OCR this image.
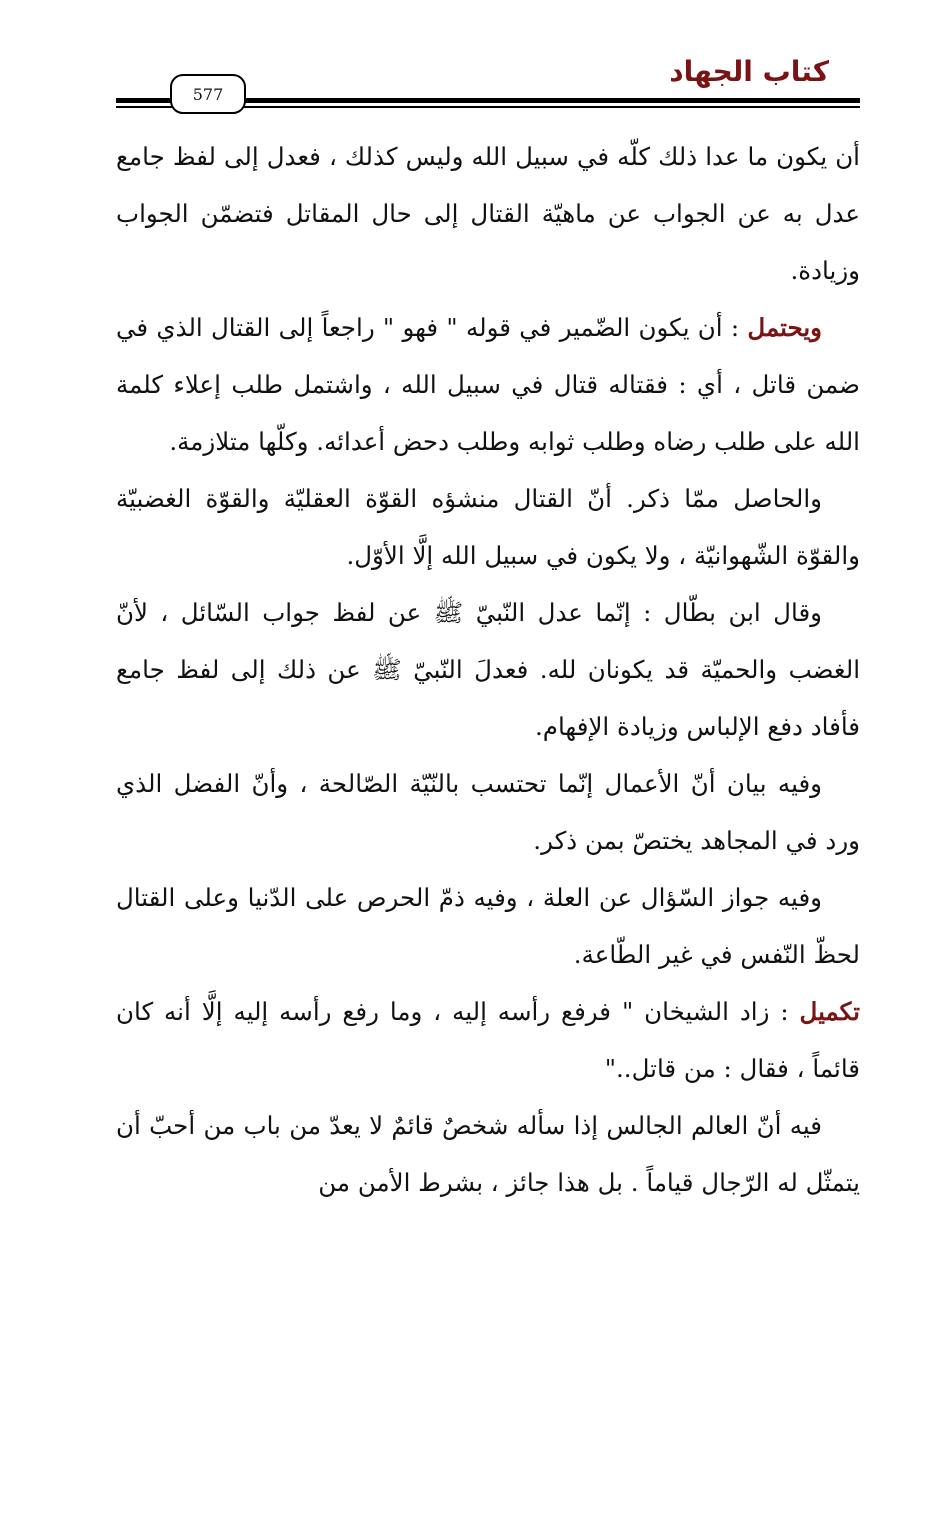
كتاب الجهاد
577

أن يكون ما عدا ذلك كلّه في سبيل الله وليس كذلك ، فعدل إلى لفظ جامع عدل به عن الجواب عن ماهيّة القتال إلى حال المقاتل فتضمّن الجواب وزيادة.

ويحتمل : أن يكون الضّمير في قوله " فهو " راجعاً إلى القتال الذي في ضمن قاتل ، أي : فقتاله قتال في سبيل الله ، واشتمل طلب إعلاء كلمة الله على طلب رضاه وطلب ثوابه وطلب دحض أعدائه. وكلّها متلازمة.

والحاصل ممّا ذكر. أنّ القتال منشؤه القوّة العقليّة والقوّة الغضبيّة والقوّة الشّهوانيّة ، ولا يكون في سبيل الله إلَّا الأوّل.

وقال ابن بطّال : إنّما عدل النّبيّ ﷺ عن لفظ جواب السّائل ، لأنّ الغضب والحميّة قد يكونان لله. فعدلَ النّبيّ ﷺ عن ذلك إلى لفظ جامع فأفاد دفع الإلباس وزيادة الإفهام.

وفيه بيان أنّ الأعمال إنّما تحتسب بالنّيّة الصّالحة ، وأنّ الفضل الذي ورد في المجاهد يختصّ بمن ذكر.

وفيه جواز السّؤال عن العلة ، وفيه ذمّ الحرص على الدّنيا وعلى القتال لحظّ النّفس في غير الطّاعة.

تكميل : زاد الشيخان " فرفع رأسه إليه ، وما رفع رأسه إليه إلَّا أنه كان قائماً ، فقال : من قاتل.."

فيه أنّ العالم الجالس إذا سأله شخصٌ قائمٌ لا يعدّ من باب من أحبّ أن يتمثّل له الرّجال قياماً . بل هذا جائز ، بشرط الأمن من
